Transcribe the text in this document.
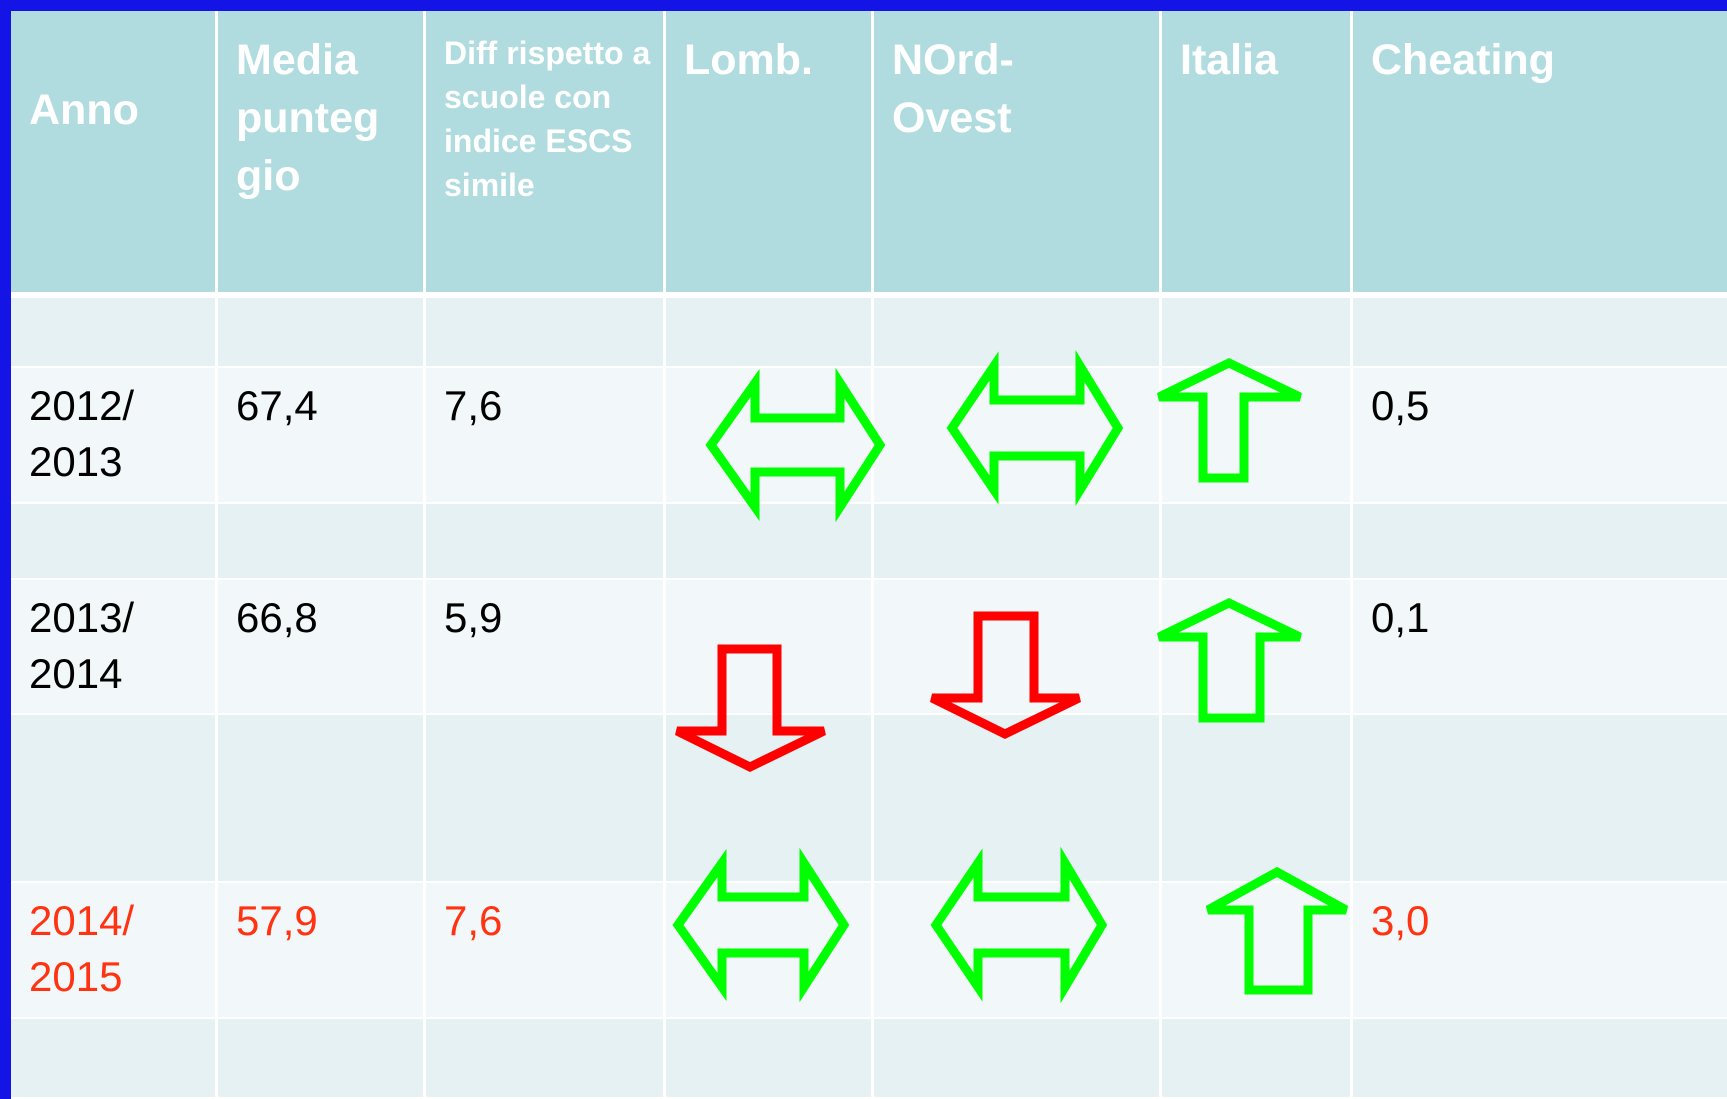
Anno	Media punteg gio	Diff rispetto a scuole con indice ESCS simile	Lomb.	NOrd- Ovest	Italia	Cheating

2012/ 2013	67,4	7,6				0,5

2013/ 2014	66,8	5,9				0,1

2014/ 2015	57,9	7,6				3,0
